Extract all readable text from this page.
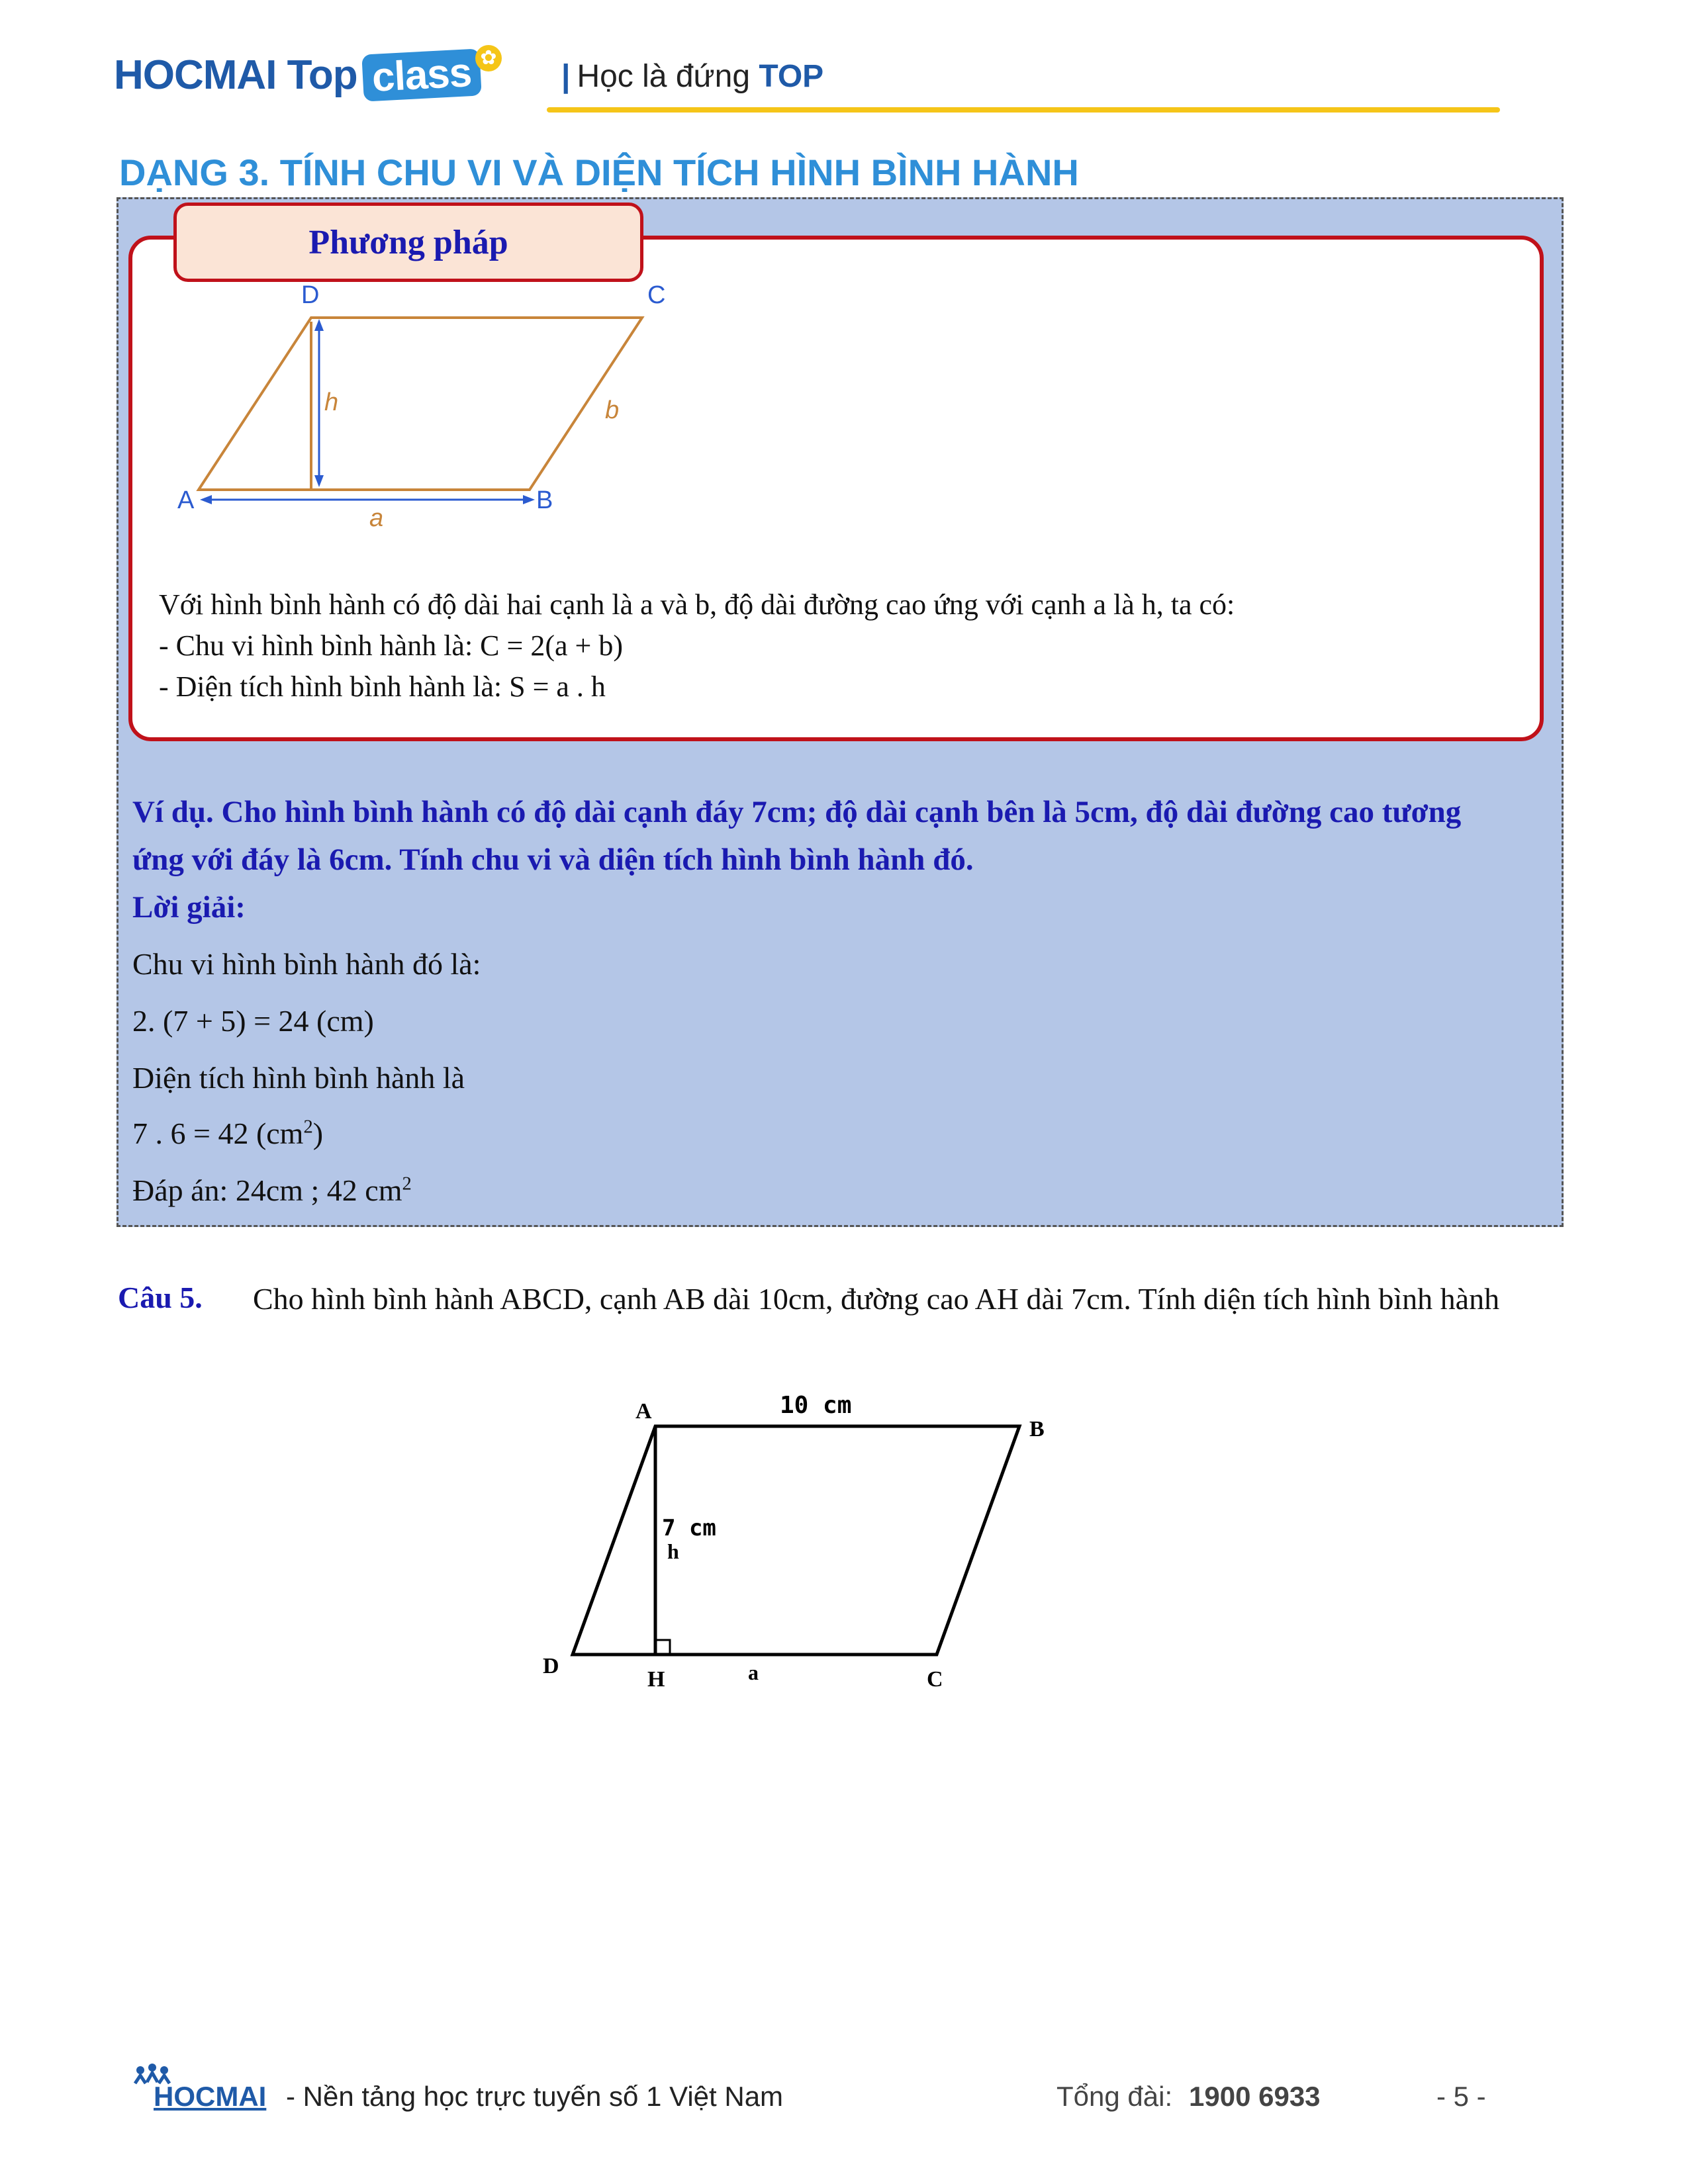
HOCMAI Top class ✿
| Học là đứng TOP
DẠNG 3. TÍNH CHU VI VÀ DIỆN TÍCH HÌNH BÌNH HÀNH
Phương pháp
D	C
A	B
h	b
a
Với hình bình hành có độ dài hai cạnh là a và b, độ dài đường cao ứng với cạnh a là h, ta có:
- Chu vi hình bình hành là: C = 2(a + b)
- Diện tích hình bình hành là: S = a . h
Ví dụ. Cho hình bình hành có độ dài cạnh đáy 7cm; độ dài cạnh bên là 5cm, độ dài đường cao tương
ứng với đáy là 6cm. Tính chu vi và diện tích hình bình hành đó.
Lời giải:
Chu vi hình bình hành đó là:
2. (7 + 5) = 24 (cm)
Diện tích hình bình hành là
7 . 6 = 42 $(cm^2)$
Đáp án: 24cm ; 42 $cm^2$
Câu 5. Cho hình bình hành ABCD, cạnh AB dài 10cm, đường cao AH dài 7cm. Tính diện tích hình bình hành
A
B
C
D
H
10 cm
7 cm
h
a
HOCMAI - Nền tảng học trực tuyến số 1 Việt Nam	Tổng đài: 1900 6933	- 5 -
